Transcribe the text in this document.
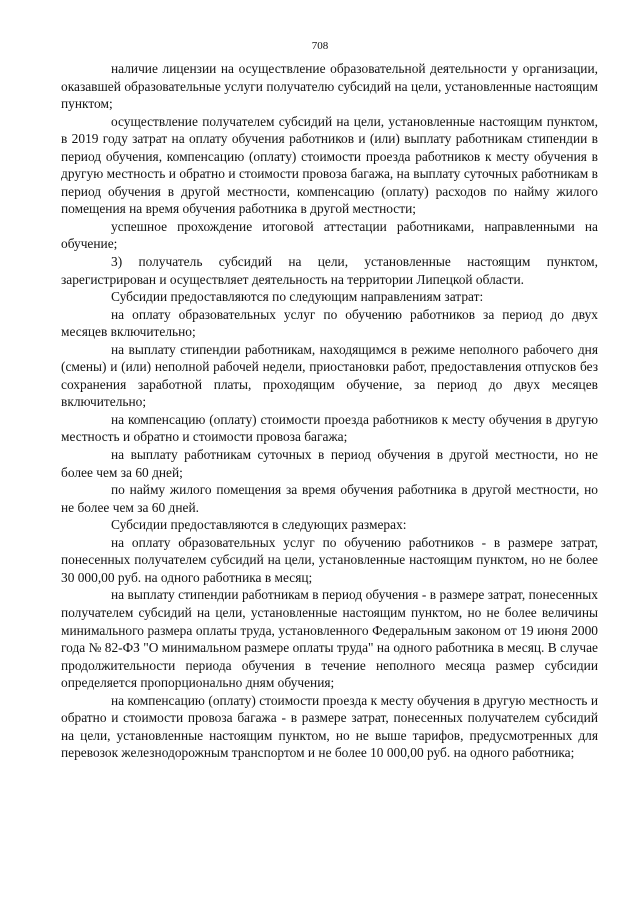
708

наличие лицензии на осуществление образовательной деятельности у организации, оказавшей образовательные услуги получателю субсидий на цели, установленные настоящим пунктом;

осуществление получателем субсидий на цели, установленные настоящим пунктом, в 2019 году затрат на оплату обучения работников и (или) выплату работникам стипендии в период обучения, компенсацию (оплату) стоимости проезда работников к месту обучения в другую местность и обратно и стоимости провоза багажа, на выплату суточных работникам в период обучения в другой местности, компенсацию (оплату) расходов по найму жилого помещения на время обучения работника в другой местности;

успешное прохождение итоговой аттестации работниками, направленными на обучение;

3) получатель субсидий на цели, установленные настоящим пунктом, зарегистрирован и осуществляет деятельность на территории Липецкой области.

Субсидии предоставляются по следующим направлениям затрат:

на оплату образовательных услуг по обучению работников за период до двух месяцев включительно;

на выплату стипендии работникам, находящимся в режиме неполного рабочего дня (смены) и (или) неполной рабочей недели, приостановки работ, предоставления отпусков без сохранения заработной платы, проходящим обучение, за период до двух месяцев включительно;

на компенсацию (оплату) стоимости проезда работников к месту обучения в другую местность и обратно и стоимости провоза багажа;

на выплату работникам суточных в период обучения в другой местности, но не более чем за 60 дней;

по найму жилого помещения за время обучения работника в другой местности, но не более чем за 60 дней.

Субсидии предоставляются в следующих размерах:

на оплату образовательных услуг по обучению работников - в размере затрат, понесенных получателем субсидий на цели, установленные настоящим пунктом, но не более 30 000,00 руб. на одного работника в месяц;

на выплату стипендии работникам в период обучения - в размере затрат, понесенных получателем субсидий на цели, установленные настоящим пунктом, но не более величины минимального размера оплаты труда, установленного Федеральным законом от 19 июня 2000 года № 82-ФЗ "О минимальном размере оплаты труда" на одного работника в месяц. В случае продолжительности периода обучения в течение неполного месяца размер субсидии определяется пропорционально дням обучения;

на компенсацию (оплату) стоимости проезда к месту обучения в другую местность и обратно и стоимости провоза багажа - в размере затрат, понесенных получателем субсидий на цели, установленные настоящим пунктом, но не выше тарифов, предусмотренных для перевозок железнодорожным транспортом и не более 10 000,00 руб. на одного работника;
